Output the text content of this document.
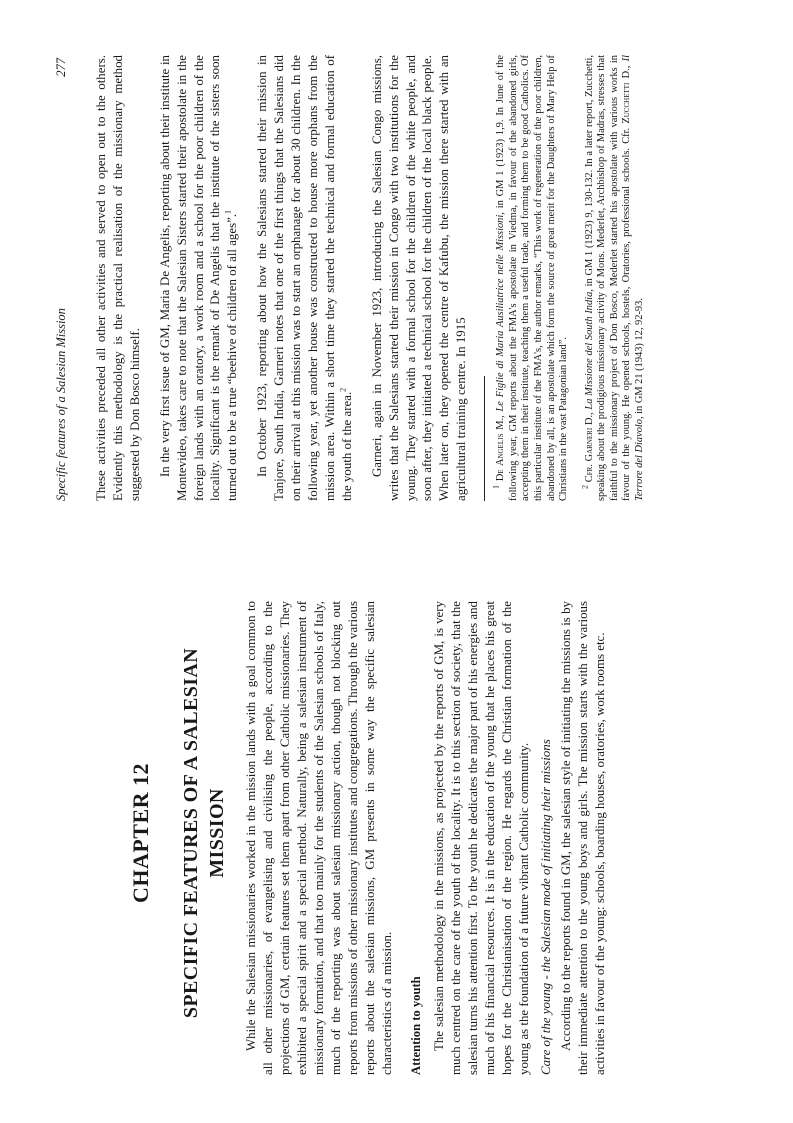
CHAPTER 12 SPECIFIC FEATURES OF A SALESIAN MISSION While the Salesian missionaries worked in the mission lands with a goal common to all other missionaries, of evangelising and civilising the people, according to the projections of GM, certain features set them apart from other Catholic missionaries. They exhibited a special spirit and a special method. Naturally, being a salesian instrument of missionary formation, and that too mainly for the students of the Salesian schools of Italy, much of the reporting was about salesian missionary action, though not blocking out reports from missions of other missionary institutes and congregations. Through the various reports about the salesian missions, GM presents in some way the specific salesian characteristics of a mission. Attention to youth The salesian methodology in the missions, as projected by the reports of GM, is very much centred on the care of the youth of the locality. It is to this section of society, that the salesian turns his attention first. To the youth he dedicates the major part of his energies and much of his financial resources. It is in the education of the young that he places his great hopes for the Christianisation of the region. He regards the Christian formation of the young as the foundation of a future vibrant Catholic community. Care of the young - the Salesian mode of initiating their missions According to the reports found in GM, the salesian style of initiating the missions is by their immediate attention to the young boys and girls. The mission starts with the various activities in favour of the young: schools, boarding houses, oratories, work rooms etc.

Specific features of a Salesian Mission
277 These activities preceded all other activities and served to open out to the others. Evidently this methodology is the practical realisation of the missionary method suggested by Don Bosco himself. In the very first issue of GM, Maria De Angelis, reporting about their institute in Montevideo, takes care to note that the Salesian Sisters started their apostolate in the foreign lands with an oratory, a work room and a school for the poor children of the locality. Significant is the remark of De Angelis that the institute of the sisters soon turned out to be a true “beehive of children of all ages”.$^1$	In October 1923, reporting about how the Salesians started their mission in Tanjore, South India, Garneri notes that one of the first things that the Salesians did on their arrival at this mission was to start an orphanage for about 30 children. In the following year, yet another house was constructed to house more orphans from the mission area. Within a short time they started the technical and formal education of the youth of the area.$^2$	Garneri, again in November 1923, introducing the Salesian Congo missions, writes that the Salesians started their mission in Congo with two institutions for the young. They started with a formal school for the children of the white people, and soon after, they initiated a technical school for the children of the local black people. When later on, they opened the centre of Kafubu, the mission there started with an agricultural training centre. In 1915	$^1$ De Angelis M., Le Figlie di Maria Ausiliatrice nelle Missioni, in GM 1 (1923) 1,9. In June of the following year, GM reports about the FMA's apostolate in Viedma, in favour of the abandoned girls, accepting them in their institute, teaching them a useful trade, and forming them to be good Catholics. Of this particular institute of the FMA's, the author remarks, “This work of regeneration of the poor children, abandoned by all, is an apostolate which form the source of great merit for the Daughters of Mary Help of Christians in the vast Patagonian land”. $^2$ Cfr. Garneri D., La Missione del South India, in GM 1 (1923) 9, 130-132. In a later report, Zucchetti, speaking about the prodigious missionary activity of Mons. Mederlet, Archbishop of Madras, stresses that faithful to the missionary project of Don Bosco, Mederlet started his apostolate with various works in favour of the young. He opened schools, hostels, Oratories, professional schools. Cfr. Zucchetti D., Il Terrore del Diavolo, in GM 21 (1943) 12, 92-93.
